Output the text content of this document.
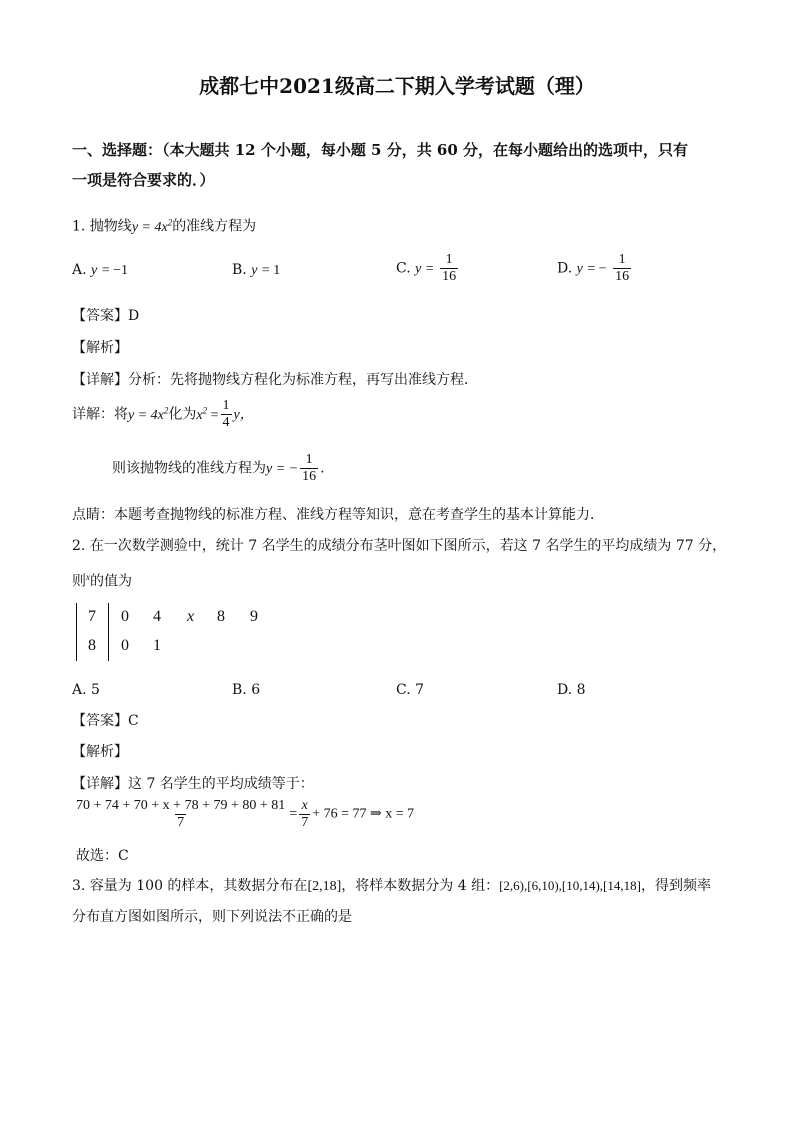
成都七中2021级高二下期入学考试题（理）
一、选择题：（本大题共 12 个小题，每小题 5 分，共 60 分，在每小题给出的选项中，只有
一项是符合要求的．）
1. 抛物线$y = 4x^2$的准线方程为
A. y = −1	B. y = 1	C. $y = \frac{1}{16}$	D. y = − $\frac{1}{16}$
【答案】D
【解析】
【详解】分析：先将抛物线方程化为标准方程，再写出准线方程．
详解：将$y = 4x^2$化为$x^2 = \frac{1}{4}$ y，
则该抛物线的准线方程为y = − $\frac{1}{16}$ .
点睛：本题考查抛物线的标准方程、准线方程等知识，意在考查学生的基本计算能力．
2. 在一次数学测验中，统计 7 名学生的成绩分布茎叶图如下图所示，若这 7 名学生的平均成绩为 77 分，
则$^x$的值为
7 0 4 x 8 9
8 0 1
A. 5	B. 6	C. 7	D. 8
【答案】C
【解析】
【详解】这 7 名学生的平均成绩等于：
$\frac{70 + 74 + 70 + x + 78 + 79 + 80 + 81}{7} = \frac{x}{7} + 76 = 77$ ⇒ x = 7
故选：C
3. 容量为 100 的样本，其数据分布在[2,18]，将样本数据分为 4 组：[2,6),[6,10),[10,14),[14,18]，得到频率
分布直方图如图所示，则下列说法不正确的是
